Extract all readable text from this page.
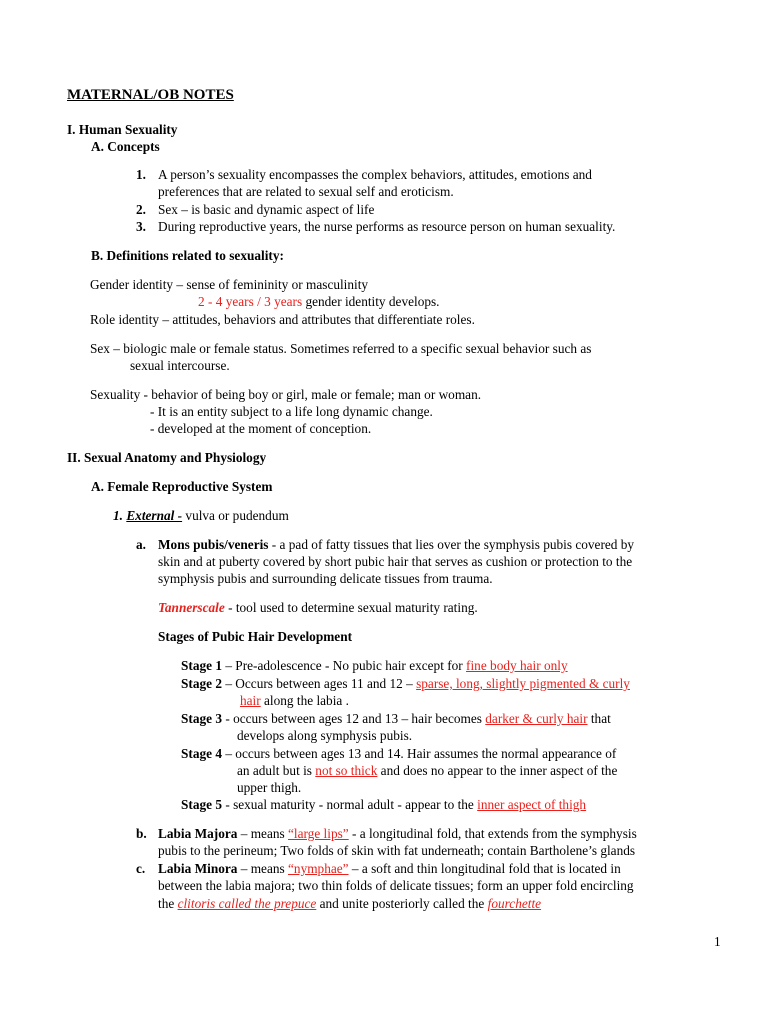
MATERNAL/OB NOTES
I. Human Sexuality
A. Concepts
1. A person’s sexuality encompasses the complex behaviors, attitudes, emotions and
preferences that are related to sexual self and eroticism.
2. Sex – is basic and dynamic aspect of life
3. During reproductive years, the nurse performs as resource person on human sexuality.
B. Definitions related to sexuality:
Gender identity – sense of femininity or masculinity
2 - 4 years / 3 years gender identity develops.
Role identity – attitudes, behaviors and attributes that differentiate roles.
Sex – biologic male or female status. Sometimes referred to a specific sexual behavior such as
sexual intercourse.
Sexuality - behavior of being boy or girl, male or female; man or woman.
- It is an entity subject to a life long dynamic change.
- developed at the moment of conception.
II. Sexual Anatomy and Physiology
A. Female Reproductive System
1. External - vulva or pudendum
a. Mons pubis/veneris - a pad of fatty tissues that lies over the symphysis pubis covered by
skin and at puberty covered by short pubic hair that serves as cushion or protection to the
symphysis pubis and surrounding delicate tissues from trauma.
Tannerscale - tool used to determine sexual maturity rating.
Stages of Pubic Hair Development
Stage 1 – Pre-adolescence - No pubic hair except for fine body hair only
Stage 2 – Occurs between ages 11 and 12 – sparse, long, slightly pigmented & curly
hair along the labia .
Stage 3 - occurs between ages 12 and 13 – hair becomes darker & curly hair that
develops along symphysis pubis.
Stage 4 – occurs between ages 13 and 14. Hair assumes the normal appearance of
an adult but is not so thick and does no appear to the inner aspect of the
upper thigh.
Stage 5 - sexual maturity - normal adult - appear to the inner aspect of thigh
b. Labia Majora – means “large lips” - a longitudinal fold, that extends from the symphysis
pubis to the perineum; Two folds of skin with fat underneath; contain Bartholene’s glands
c. Labia Minora – means “nymphae” – a soft and thin longitudinal fold that is located in
between the labia majora; two thin folds of delicate tissues; form an upper fold encircling
the clitoris called the prepuce and unite posteriorly called the fourchette
1
